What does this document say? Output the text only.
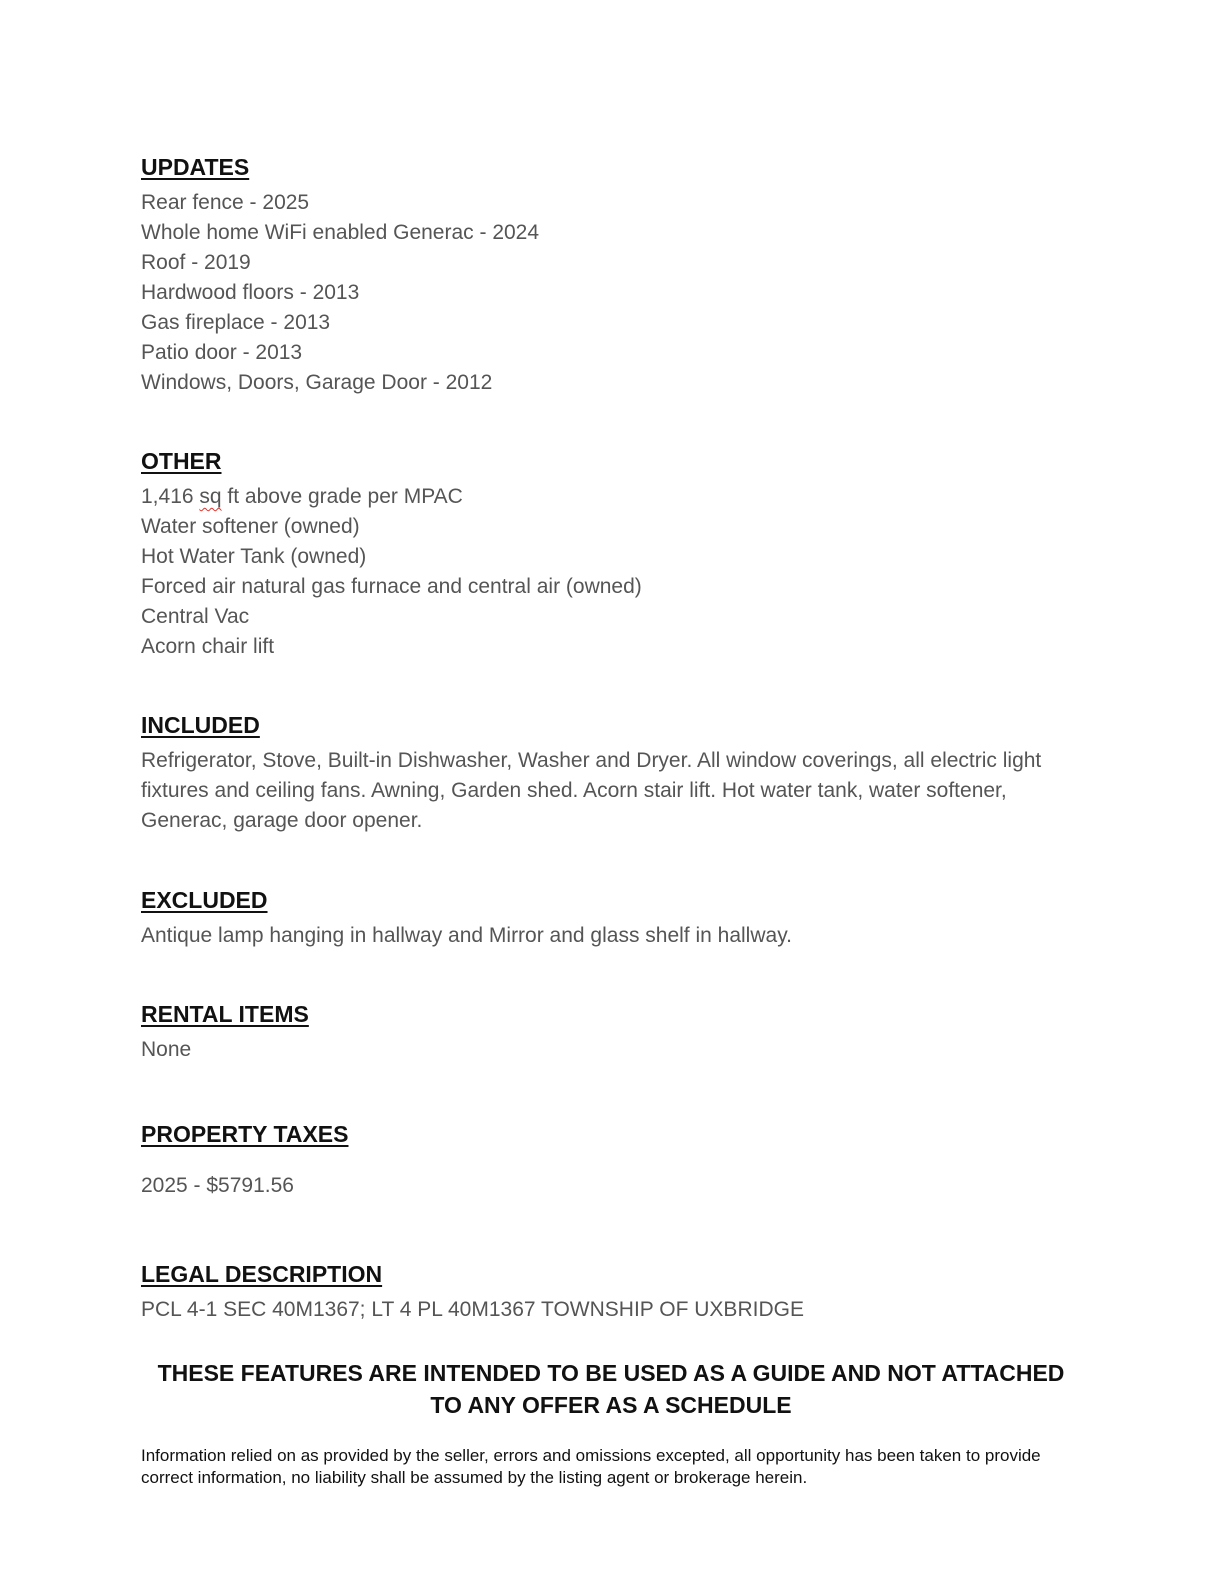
UPDATES
Rear fence - 2025
Whole home WiFi enabled Generac - 2024
Roof - 2019
Hardwood floors - 2013
Gas fireplace - 2013
Patio door - 2013
Windows, Doors, Garage Door - 2012
OTHER
1,416 sq ft above grade per MPAC
Water softener (owned)
Hot Water Tank (owned)
Forced air natural gas furnace and central air (owned)
Central Vac
Acorn chair lift
INCLUDED

Refrigerator, Stove, Built-in Dishwasher, Washer and Dryer. All window coverings, all electric light fixtures and ceiling fans. Awning, Garden shed. Acorn stair lift. Hot water tank, water softener, Generac, garage door opener.

EXCLUDED

Antique lamp hanging in hallway and Mirror and glass shelf in hallway.

RENTAL ITEMS

None

PROPERTY TAXES

2025 - $5791.56

LEGAL DESCRIPTION

PCL 4-1 SEC 40M1367; LT 4 PL 40M1367 TOWNSHIP OF UXBRIDGE

THESE FEATURES ARE INTENDED TO BE USED AS A GUIDE AND NOT ATTACHED TO ANY OFFER AS A SCHEDULE

Information relied on as provided by the seller, errors and omissions excepted, all opportunity has been taken to provide correct information, no liability shall be assumed by the listing agent or brokerage herein.
